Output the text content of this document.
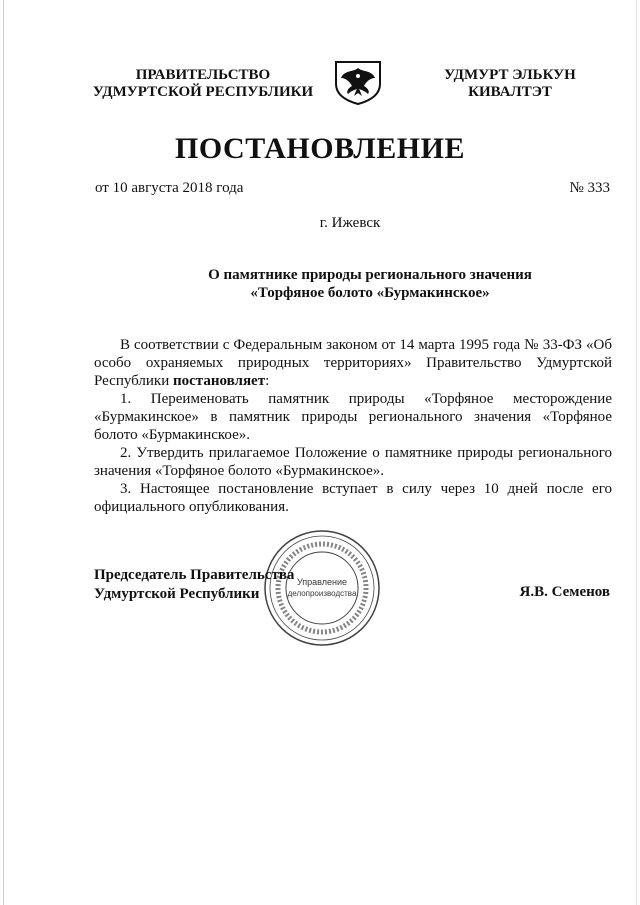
ПРАВИТЕЛЬСТВО
УДМУРТСКОЙ РЕСПУБЛИКИ
УДМУРТ ЭЛЬКУН
КИВАЛТЭТ
ПОСТАНОВЛЕНИЕ
от 10 августа 2018 года	№ 333
г. Ижевск
О памятнике природы регионального значения
«Торфяное болото «Бурмакинское»

В соответствии с Федеральным законом от 14 марта 1995 года № 33-ФЗ «Об особо охраняемых природных территориях» Правительство Удмуртской Республики постановляет:

1. Переименовать памятник природы «Торфяное месторождение «Бурмакинское» в памятник природы регионального значения «Торфяное болото «Бурмакинское».

2. Утвердить прилагаемое Положение о памятнике природы регионального значения «Торфяное болото «Бурмакинское».

3. Настоящее постановление вступает в силу через 10 дней после его официального опубликования.

Управление
делопроизводства
Председатель Правительства
Удмуртской Республики	Я.В. Семенов
